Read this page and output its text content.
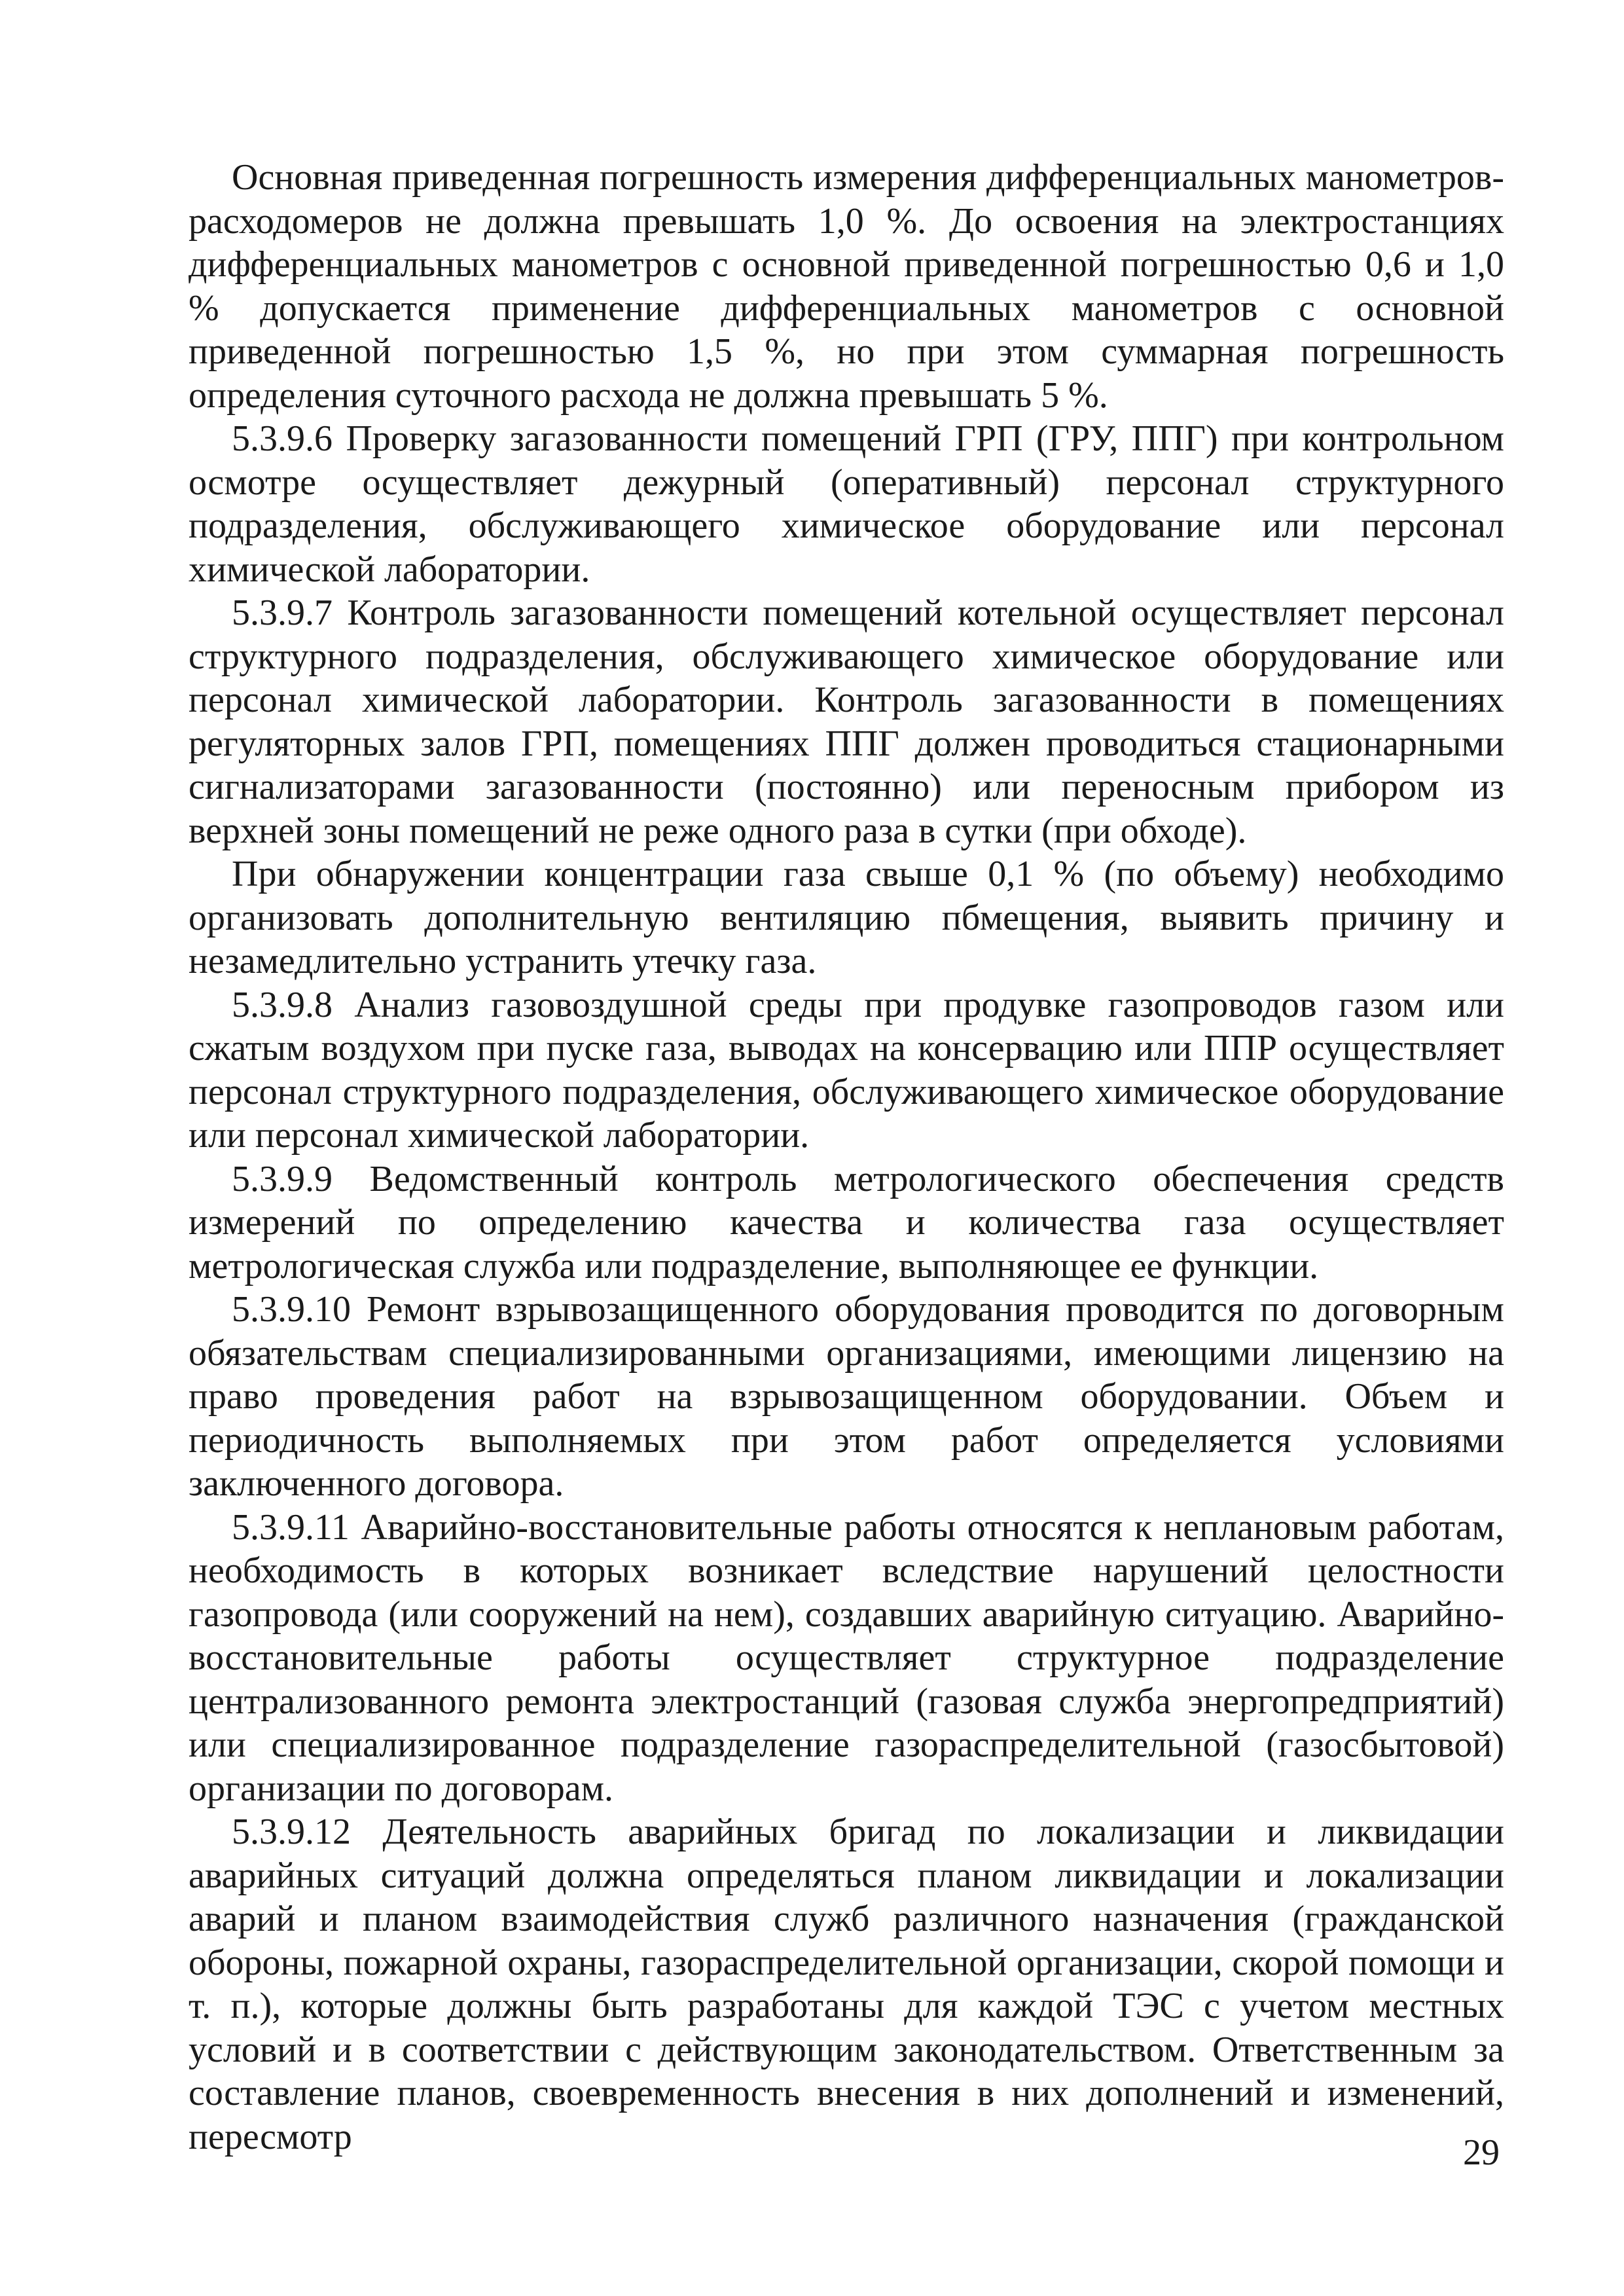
Основная приведенная погрешность измерения дифференциальных манометров-расходомеров не должна превышать 1,0 %. До освоения на электростанциях дифференциальных манометров с основной приведенной погрешностью 0,6 и 1,0 % допускается применение дифференциальных манометров с основной приведенной погрешностью 1,5 %, но при этом суммарная погрешность определения суточного расхода не должна превышать 5 %.

5.3.9.6 Проверку загазованности помещений ГРП (ГРУ, ППГ) при контрольном осмотре осуществляет дежурный (оперативный) персонал структурного подразделения, обслуживающего химическое оборудование или персонал химической лаборатории.

5.3.9.7 Контроль загазованности помещений котельной осуществляет персонал структурного подразделения, обслуживающего химическое оборудование или персонал химической лаборатории. Контроль загазованности в помещениях регуляторных залов ГРП, помещениях ППГ должен проводиться стационарными сигнализаторами загазованности (постоянно) или переносным прибором из верхней зоны помещений не реже одного раза в сутки (при обходе).

При обнаружении концентрации газа свыше 0,1 % (по объему) необходимо организовать дополнительную вентиляцию пбмещения, выявить причину и незамедлительно устранить утечку газа.

5.3.9.8 Анализ газовоздушной среды при продувке газопроводов газом или сжатым воздухом при пуске газа, выводах на консервацию или ППР осуществляет персонал структурного подразделения, обслуживающего химическое оборудование или персонал химической лаборатории.

5.3.9.9 Ведомственный контроль метрологического обеспечения средств измерений по определению качества и количества газа осуществляет метрологическая служба или подразделение, выполняющее ее функции.

5.3.9.10 Ремонт взрывозащищенного оборудования проводится по договорным обязательствам специализированными организациями, имеющими лицензию на право проведения работ на взрывозащищенном оборудовании. Объем и периодичность выполняемых при этом работ определяется условиями заключенного договора.

5.3.9.11 Аварийно-восстановительные работы относятся к неплановым работам, необходимость в которых возникает вследствие нарушений целостности газопровода (или сооружений на нем), создавших аварийную ситуацию. Аварийно-восстановительные работы осуществляет структурное подразделение централизованного ремонта электростанций (газовая служба энергопредприятий) или специализированное подразделение газораспределительной (газосбытовой) организации по договорам.

5.3.9.12 Деятельность аварийных бригад по локализации и ликвидации аварийных ситуаций должна определяться планом ликвидации и локализации аварий и планом взаимодействия служб различного назначения (гражданской обороны, пожарной охраны, газораспределительной организации, скорой помощи и т. п.), которые должны быть разработаны для каждой ТЭС с учетом местных условий и в соответствии с действующим законодательством. Ответственным за составление планов, своевременность внесения в них дополнений и изменений, пересмотр	29
